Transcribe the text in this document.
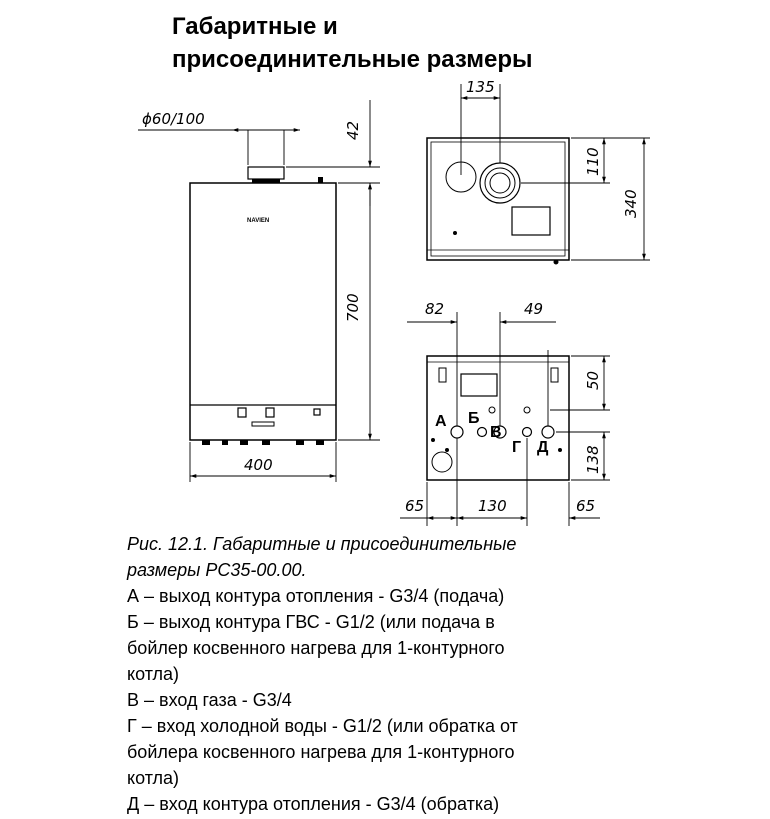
Габаритные и
присоединительные размеры
NAVIEN
ϕ60/100
42
700
400
135
110
340
82	49
50
138
65	130	65
А Б
В
Г Д

Рис. 12.1. Габаритные и присоединительные

размеры РС35-00.00.

А – выход контура отопления - G3/4 (подача)

Б – выход контура ГВС - G1/2 (или подача в

бойлер косвенного нагрева для 1-контурного

котла)

В – вход газа - G3/4

Г – вход холодной воды - G1/2 (или обратка от

бойлера косвенного нагрева для 1-контурного

котла)

Д – вход контура отопления - G3/4 (обратка)
